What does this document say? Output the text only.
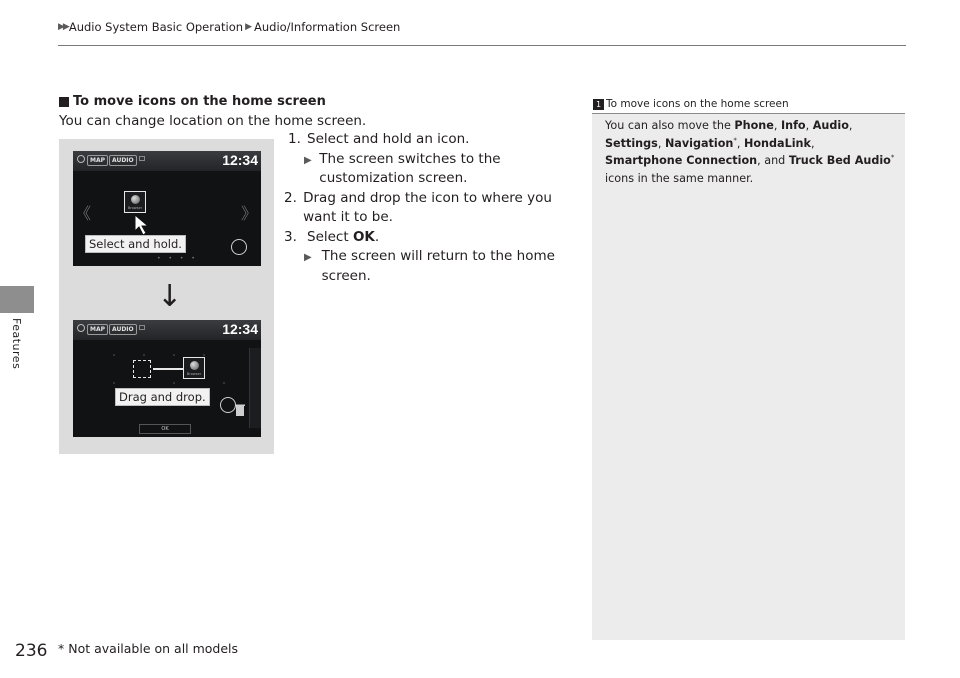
▶▶ Audio System Basic Operation ▶ Audio/Information Screen
Features
To move icons on the home screen
You can change location on the home screen.
1. Select and hold an icon.
▶ The screen switches to the customization screen.
2. Drag and drop the icon to where you want it to be.
3. Select OK.
▶ The screen will return to the home screen.
MAP	AUDIO	12:34
《	》
Browser
Select and hold.
• • • •
↓
MAP	AUDIO	12:34
Browser
Drag and drop.
OK
1 To move icons on the home screen
You can also move the Phone, Info, Audio,
Settings, Navigation*, HondaLink, Smartphone Connection, and Truck Bed Audio* icons in the same manner.
236 * Not available on all models
